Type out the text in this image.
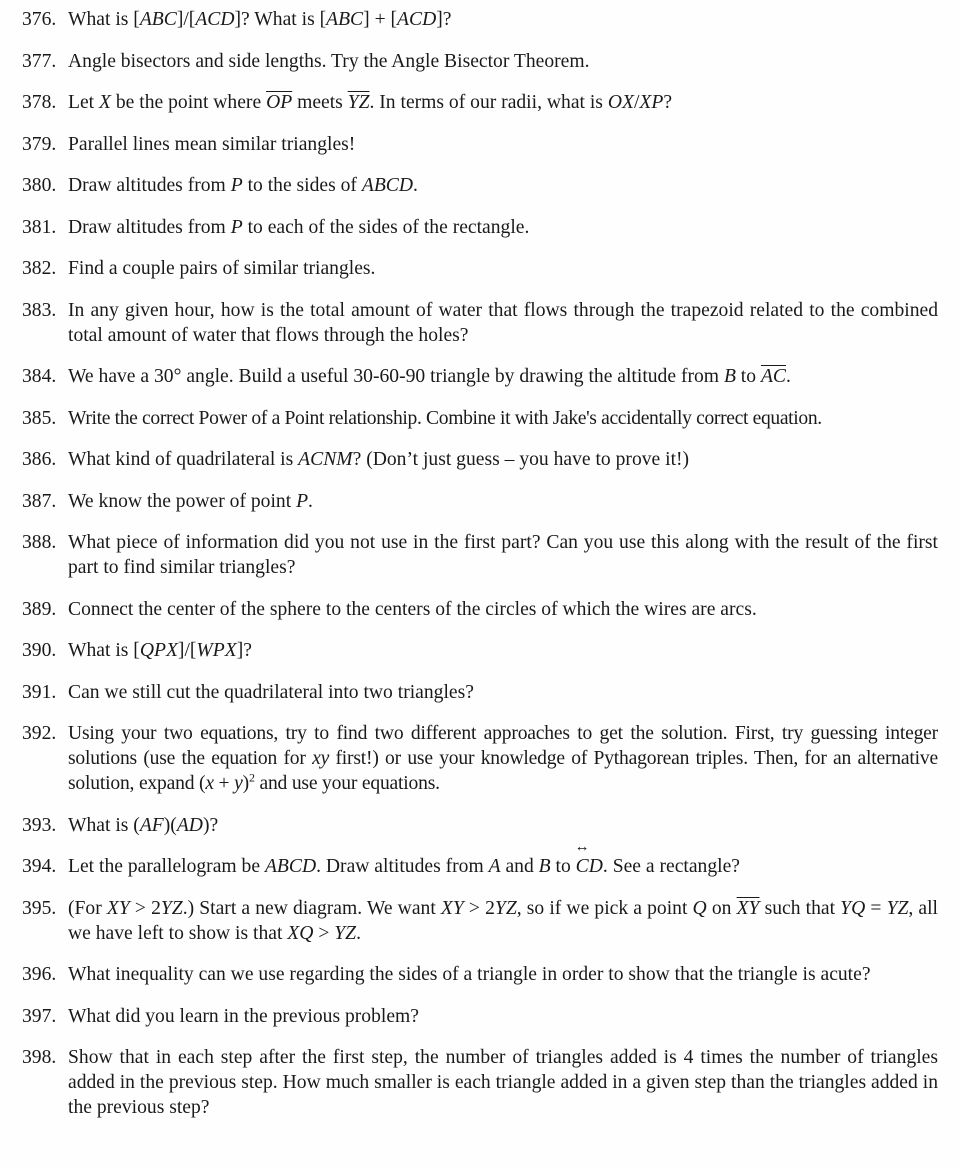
376. What is [ABC]/[ACD]? What is [ABC] + [ACD]?
377. Angle bisectors and side lengths. Try the Angle Bisector Theorem.
378. Let X be the point where $\overline{OP}$ meets $\overline{YZ}$. In terms of our radii, what is OX/XP?
379. Parallel lines mean similar triangles!
380. Draw altitudes from P to the sides of ABCD.
381. Draw altitudes from P to each of the sides of the rectangle.
382. Find a couple pairs of similar triangles.
383. In any given hour, how is the total amount of water that flows through the trapezoid related to the combined total amount of water that flows through the holes?
384. We have a 30° angle. Build a useful 30-60-90 triangle by drawing the altitude from B to $\overline{AC}$.
385. Write the correct Power of a Point relationship. Combine it with Jake's accidentally correct equation.
386. What kind of quadrilateral is ACNM? (Don’t just guess – you have to prove it!)
387. We know the power of point P.
388. What piece of information did you not use in the first part? Can you use this along with the result of the first part to find similar triangles?
389. Connect the center of the sphere to the centers of the circles of which the wires are arcs.
390. What is [QPX]/[WPX]?
391. Can we still cut the quadrilateral into two triangles?
392. Using your two equations, try to find two different approaches to get the solution. First, try guessing integer solutions (use the equation for xy first!) or use your knowledge of Pythagorean triples. Then, for an alternative solution, expand $(x + y)^2$ and use your equations.
393. What is (AF)(AD)?
394. Let the parallelogram be ABCD. Draw altitudes from A and B to ↔ CD. See a rectangle?
395. (For XY > 2YZ.) Start a new diagram. We want XY > 2YZ, so if we pick a point Q on $\overline{XY}$ such that YQ = YZ, all we have left to show is that XQ > YZ.
396. What inequality can we use regarding the sides of a triangle in order to show that the triangle is acute?
397. What did you learn in the previous problem?
398. Show that in each step after the first step, the number of triangles added is 4 times the number of triangles added in the previous step. How much smaller is each triangle added in a given step than the triangles added in the previous step?
